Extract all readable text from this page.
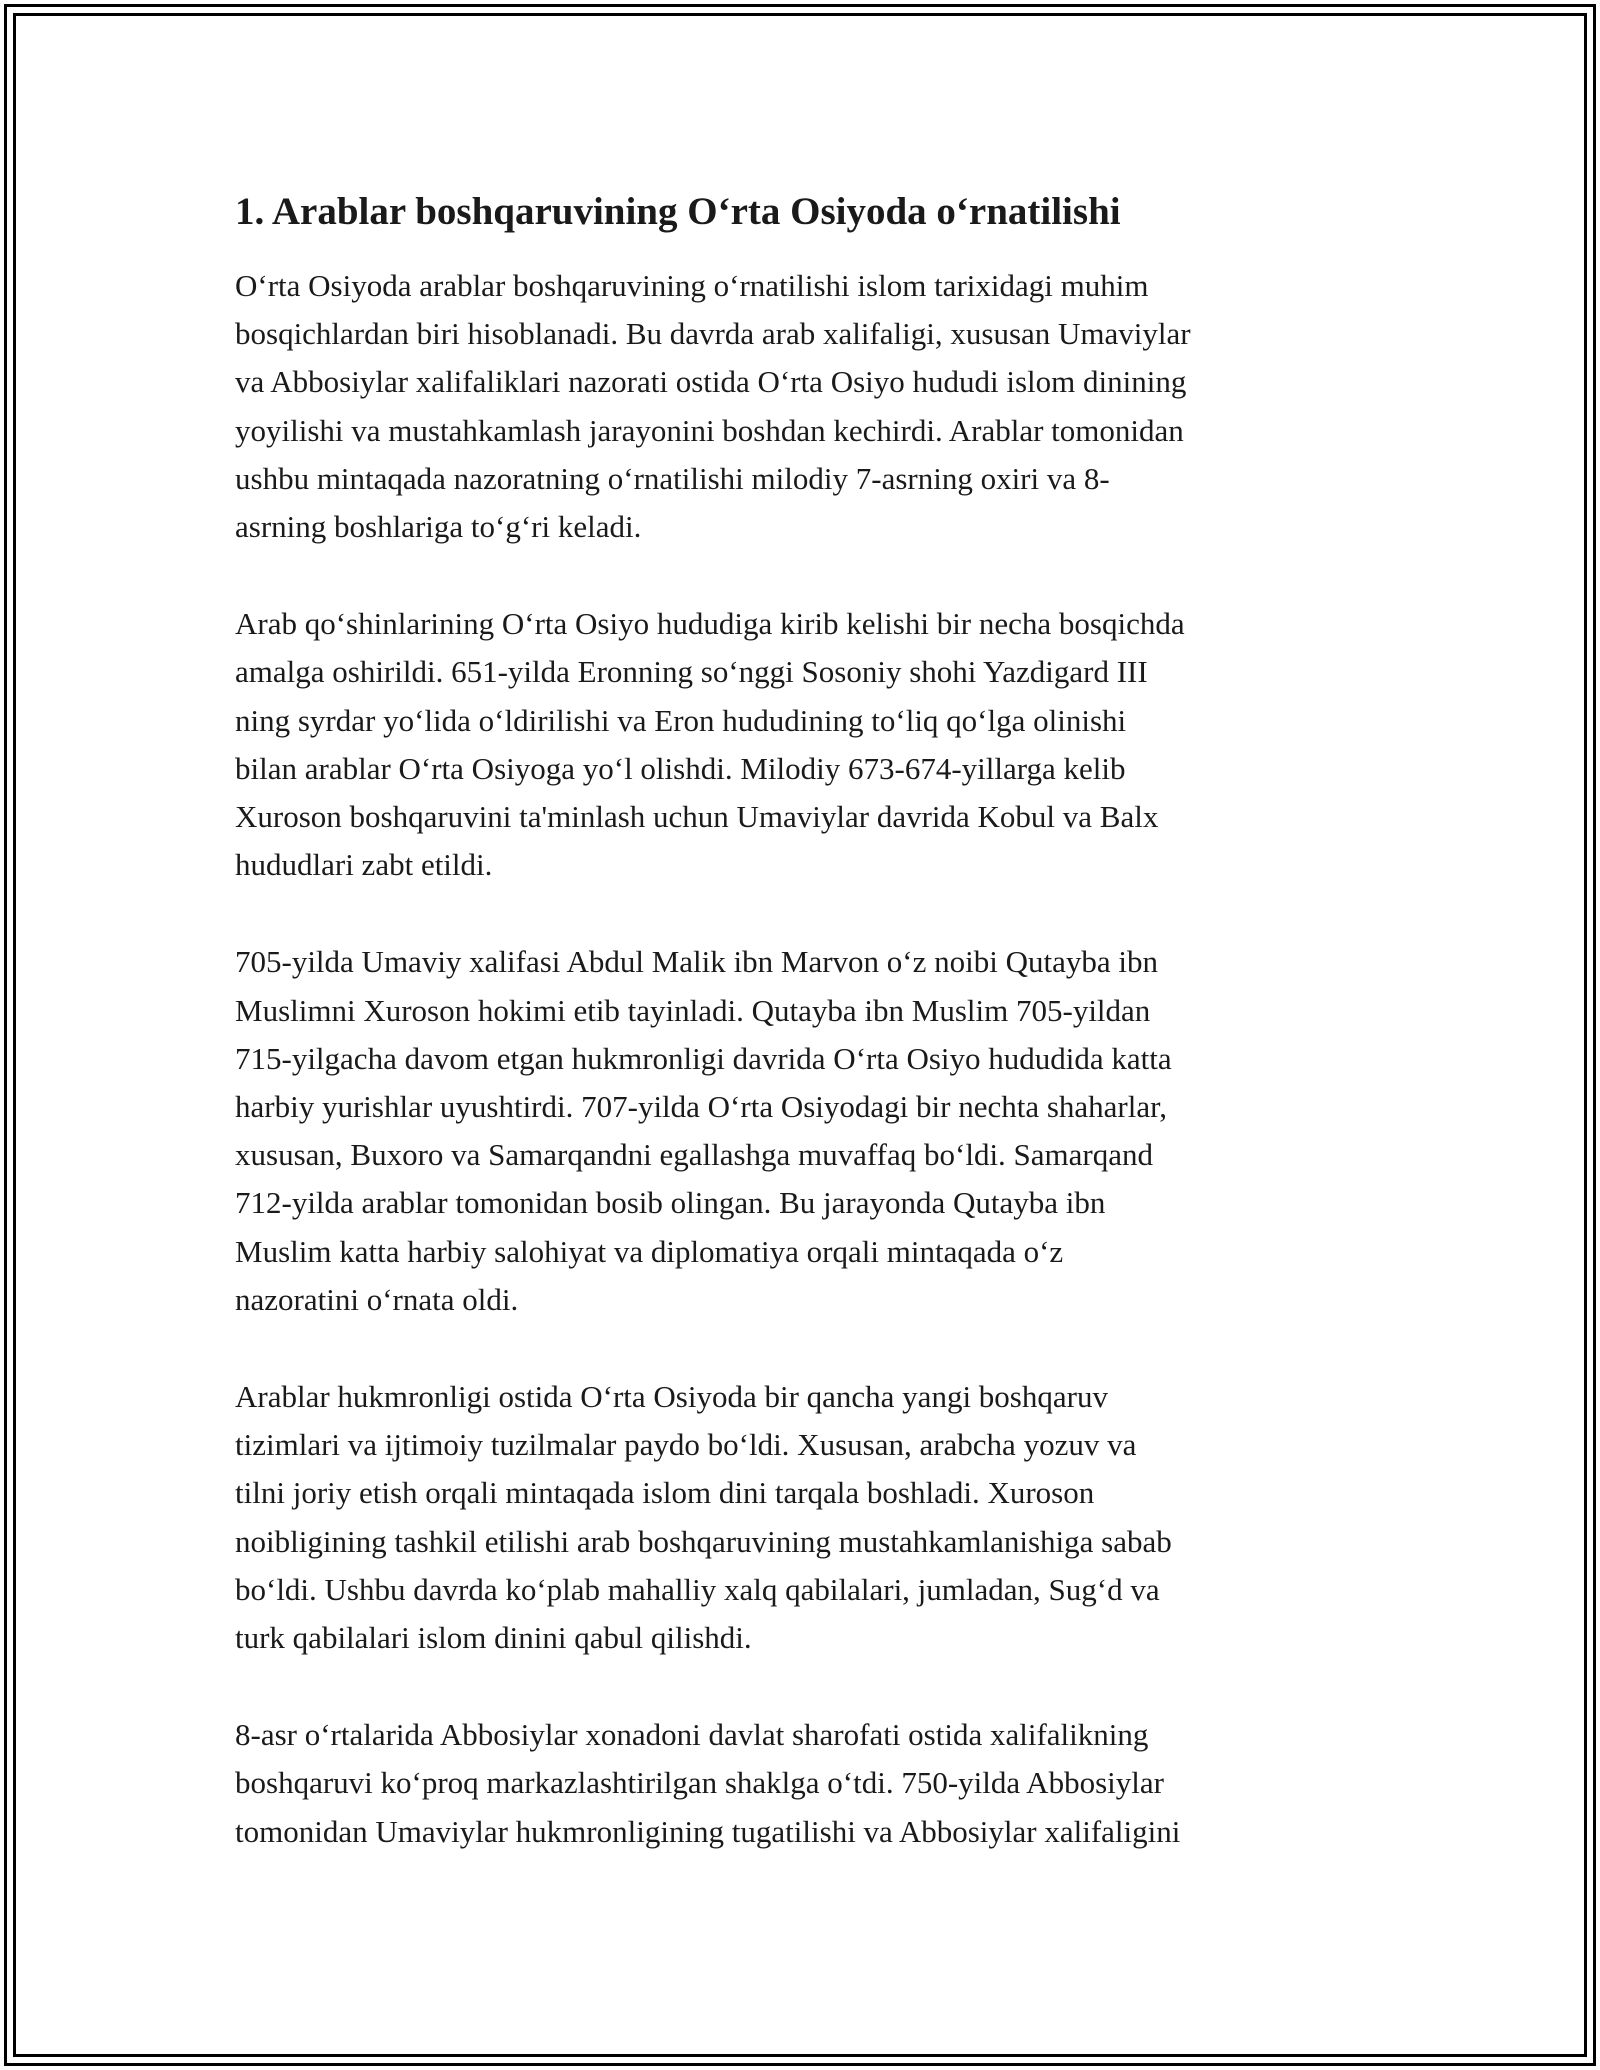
1. Arablar boshqaruvining O‘rta Osiyoda o‘rnatilishi

O‘rta Osiyoda arablar boshqaruvining o‘rnatilishi islom tarixidagi muhim
bosqichlardan biri hisoblanadi. Bu davrda arab xalifaligi, xususan Umaviylar
va Abbosiylar xalifaliklari nazorati ostida O‘rta Osiyo hududi islom dinining
yoyilishi va mustahkamlash jarayonini boshdan kechirdi. Arablar tomonidan
ushbu mintaqada nazoratning o‘rnatilishi milodiy 7-asrning oxiri va 8-
asrning boshlariga to‘g‘ri keladi.

Arab qo‘shinlarining O‘rta Osiyo hududiga kirib kelishi bir necha bosqichda
amalga oshirildi. 651-yilda Eronning so‘nggi Sosoniy shohi Yazdigard III
ning syrdar yo‘lida o‘ldirilishi va Eron hududining to‘liq qo‘lga olinishi
bilan arablar O‘rta Osiyoga yo‘l olishdi. Milodiy 673-674-yillarga kelib
Xuroson boshqaruvini ta'minlash uchun Umaviylar davrida Kobul va Balx
hududlari zabt etildi.

705-yilda Umaviy xalifasi Abdul Malik ibn Marvon o‘z noibi Qutayba ibn
Muslimni Xuroson hokimi etib tayinladi. Qutayba ibn Muslim 705-yildan
715-yilgacha davom etgan hukmronligi davrida O‘rta Osiyo hududida katta
harbiy yurishlar uyushtirdi. 707-yilda O‘rta Osiyodagi bir nechta shaharlar,
xususan, Buxoro va Samarqandni egallashga muvaffaq bo‘ldi. Samarqand
712-yilda arablar tomonidan bosib olingan. Bu jarayonda Qutayba ibn
Muslim katta harbiy salohiyat va diplomatiya orqali mintaqada o‘z
nazoratini o‘rnata oldi.

Arablar hukmronligi ostida O‘rta Osiyoda bir qancha yangi boshqaruv
tizimlari va ijtimoiy tuzilmalar paydo bo‘ldi. Xususan, arabcha yozuv va
tilni joriy etish orqali mintaqada islom dini tarqala boshladi. Xuroson
noibligining tashkil etilishi arab boshqaruvining mustahkamlanishiga sabab
bo‘ldi. Ushbu davrda ko‘plab mahalliy xalq qabilalari, jumladan, Sug‘d va
turk qabilalari islom dinini qabul qilishdi.

8-asr o‘rtalarida Abbosiylar xonadoni davlat sharofati ostida xalifalikning
boshqaruvi ko‘proq markazlashtirilgan shaklga o‘tdi. 750-yilda Abbosiylar
tomonidan Umaviylar hukmronligining tugatilishi va Abbosiylar xalifaligini
